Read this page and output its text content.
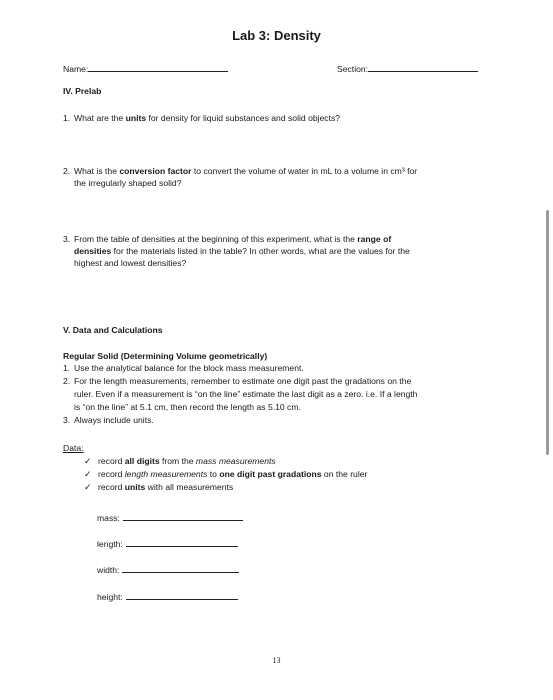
Lab 3: Density
Name:	Section:
IV. Prelab
1. What are the units for density for liquid substances and solid objects?
2. What is the conversion factor to convert the volume of water in mL to a volume in cm³ for
the irregularly shaped solid?
3. From the table of densities at the beginning of this experiment, what is the range of
densities for the materials listed in the table? In other words, what are the values for the
highest and lowest densities?
V. Data and Calculations
Regular Solid (Determining Volume geometrically)
1. Use the analytical balance for the block mass measurement.
2. For the length measurements, remember to estimate one digit past the gradations on the
ruler. Even if a measurement is “on the line” estimate the last digit as a zero. i.e. If a length
is “on the line” at 5.1 cm, then record the length as 5.10 cm.
3. Always include units.
Data:
✓ record all digits from the mass measurements
✓ record length measurements to one digit past gradations on the ruler
✓ record units with all measurements
mass:
length:
width:
height:
13
